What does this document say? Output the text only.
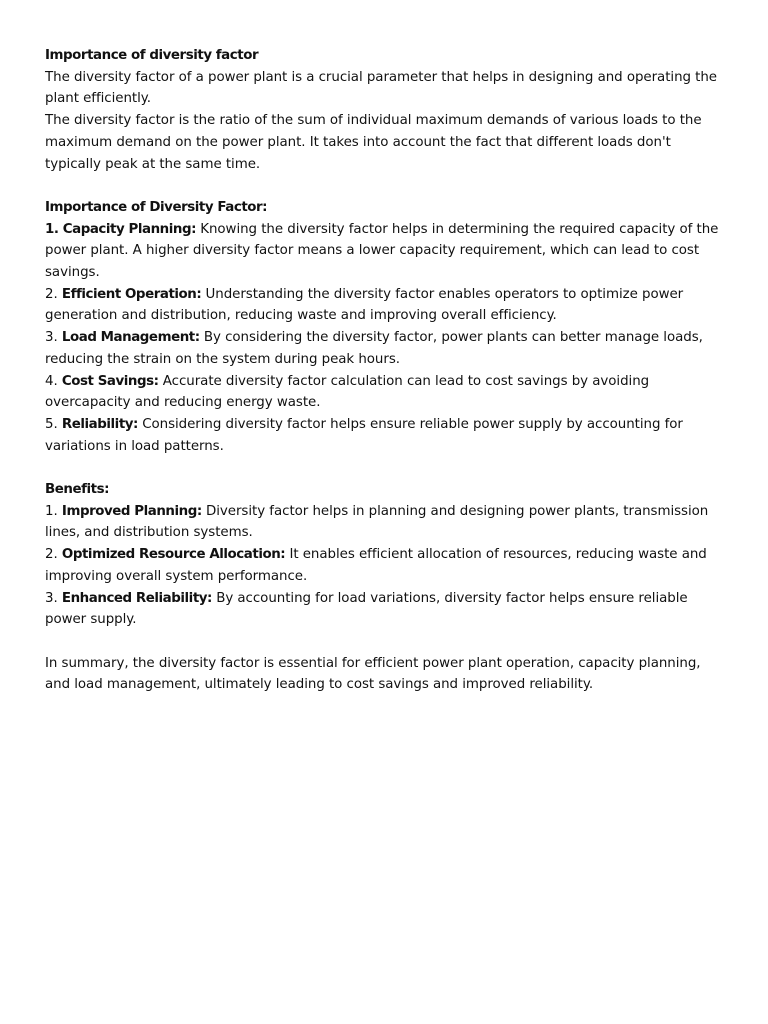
Importance of diversity factor
The diversity factor of a power plant is a crucial parameter that helps in designing and operating the plant efficiently.
The diversity factor is the ratio of the sum of individual maximum demands of various loads to the maximum demand on the power plant. It takes into account the fact that different loads don't typically peak at the same time.
Importance of Diversity Factor:
1. Capacity Planning: Knowing the diversity factor helps in determining the required capacity of the power plant. A higher diversity factor means a lower capacity requirement, which can lead to cost savings.
2. Efficient Operation: Understanding the diversity factor enables operators to optimize power generation and distribution, reducing waste and improving overall efficiency.
3. Load Management: By considering the diversity factor, power plants can better manage loads, reducing the strain on the system during peak hours.
4. Cost Savings: Accurate diversity factor calculation can lead to cost savings by avoiding overcapacity and reducing energy waste.
5. Reliability: Considering diversity factor helps ensure reliable power supply by accounting for variations in load patterns.
Benefits:
1. Improved Planning: Diversity factor helps in planning and designing power plants, transmission lines, and distribution systems.
2. Optimized Resource Allocation: It enables efficient allocation of resources, reducing waste and improving overall system performance.
3. Enhanced Reliability: By accounting for load variations, diversity factor helps ensure reliable power supply.
In summary, the diversity factor is essential for efficient power plant operation, capacity planning, and load management, ultimately leading to cost savings and improved reliability.
